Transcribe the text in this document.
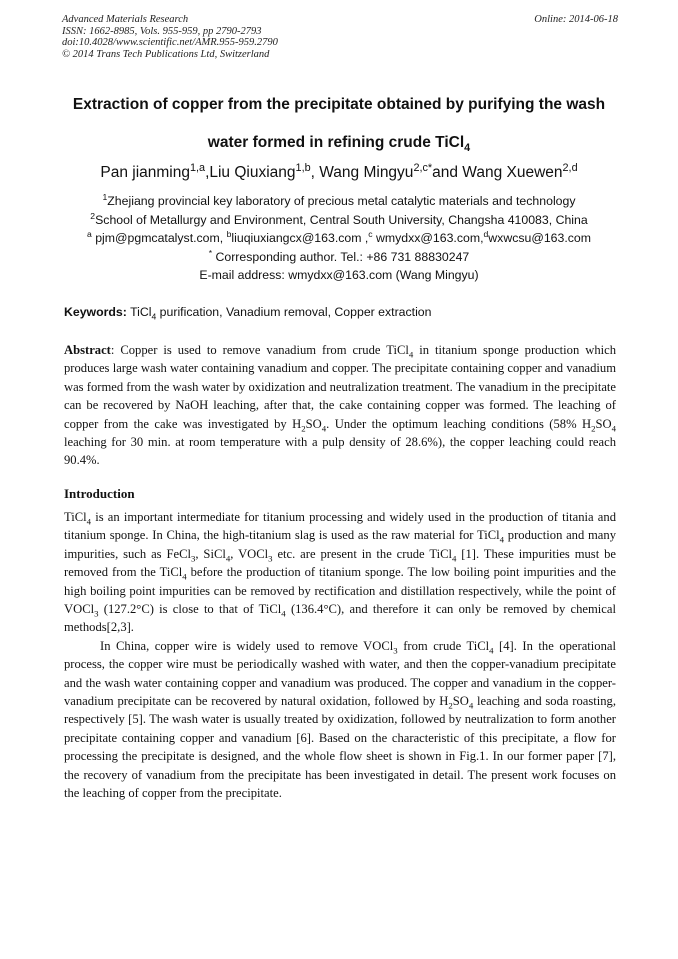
Advanced Materials Research
ISSN: 1662-8985, Vols. 955-959, pp 2790-2793
doi:10.4028/www.scientific.net/AMR.955-959.2790
© 2014 Trans Tech Publications Ltd, Switzerland
Online: 2014-06-18
Extraction of copper from the precipitate obtained by purifying the wash
water formed in refining crude TiCl$_4$
Pan jianming$^{1,a}$,Liu Qiuxiang$^{1,b}$, Wang Mingyu$^{2,c*}$and Wang Xuewen$^{2,d}$
$^1$Zhejiang provincial key laboratory of precious metal catalytic materials and technology
$^2$School of Metallurgy and Environment, Central South University, Changsha 410083, China
$^a$ pjm@pgmcatalyst.com, $^b$liuqiuxiangcx@163.com ,$^c$ wmydxx@163.com,$^d$wxwcsu@163.com
* Corresponding author. Tel.: +86 731 88830247
E-mail address: wmydxx@163.com (Wang Mingyu)
Keywords: TiCl$_4$ purification, Vanadium removal, Copper extraction
Abstract: Copper is used to remove vanadium from crude TiCl$_4$ in titanium sponge production which produces large wash water containing vanadium and copper. The precipitate containing copper and vanadium was formed from the wash water by oxidization and neutralization treatment. The vanadium in the precipitate can be recovered by NaOH leaching, after that, the cake containing copper was formed. The leaching of copper from the cake was investigated by $H_2SO_4$. Under the optimum leaching conditions (58% $H_2SO_4$ leaching for 30 min. at room temperature with a pulp density of 28.6%), the copper leaching could reach 90.4%.
Introduction

TiCl$_4$ is an important intermediate for titanium processing and widely used in the production of titania and titanium sponge. In China, the high-titanium slag is used as the raw material for TiCl$_4$ production and many impurities, such as FeCl$_3$, SiCl$_4$, VOCl$_3$ etc. are present in the crude TiCl$_4$ [1]. These impurities must be removed from the TiCl$_4$ before the production of titanium sponge. The low boiling point impurities and the high boiling point impurities can be removed by rectification and distillation respectively, while the point of VOCl$_3$ (127.2°C) is close to that of TiCl$_4$ (136.4°C), and therefore it can only be removed by chemical methods[2,3].

In China, copper wire is widely used to remove VOCl$_3$ from crude TiCl$_4$ [4]. In the operational process, the copper wire must be periodically washed with water, and then the copper-vanadium precipitate and the wash water containing copper and vanadium was produced. The copper and vanadium in the copper-vanadium precipitate can be recovered by natural oxidation, followed by $H_2SO_4$ leaching and soda roasting, respectively [5]. The wash water is usually treated by oxidization, followed by neutralization to form another precipitate containing copper and vanadium [6]. Based on the characteristic of this precipitate, a flow for processing the precipitate is designed, and the whole flow sheet is shown in Fig.1. In our former paper [7], the recovery of vanadium from the precipitate has been investigated in detail. The present work focuses on the leaching of copper from the precipitate.
